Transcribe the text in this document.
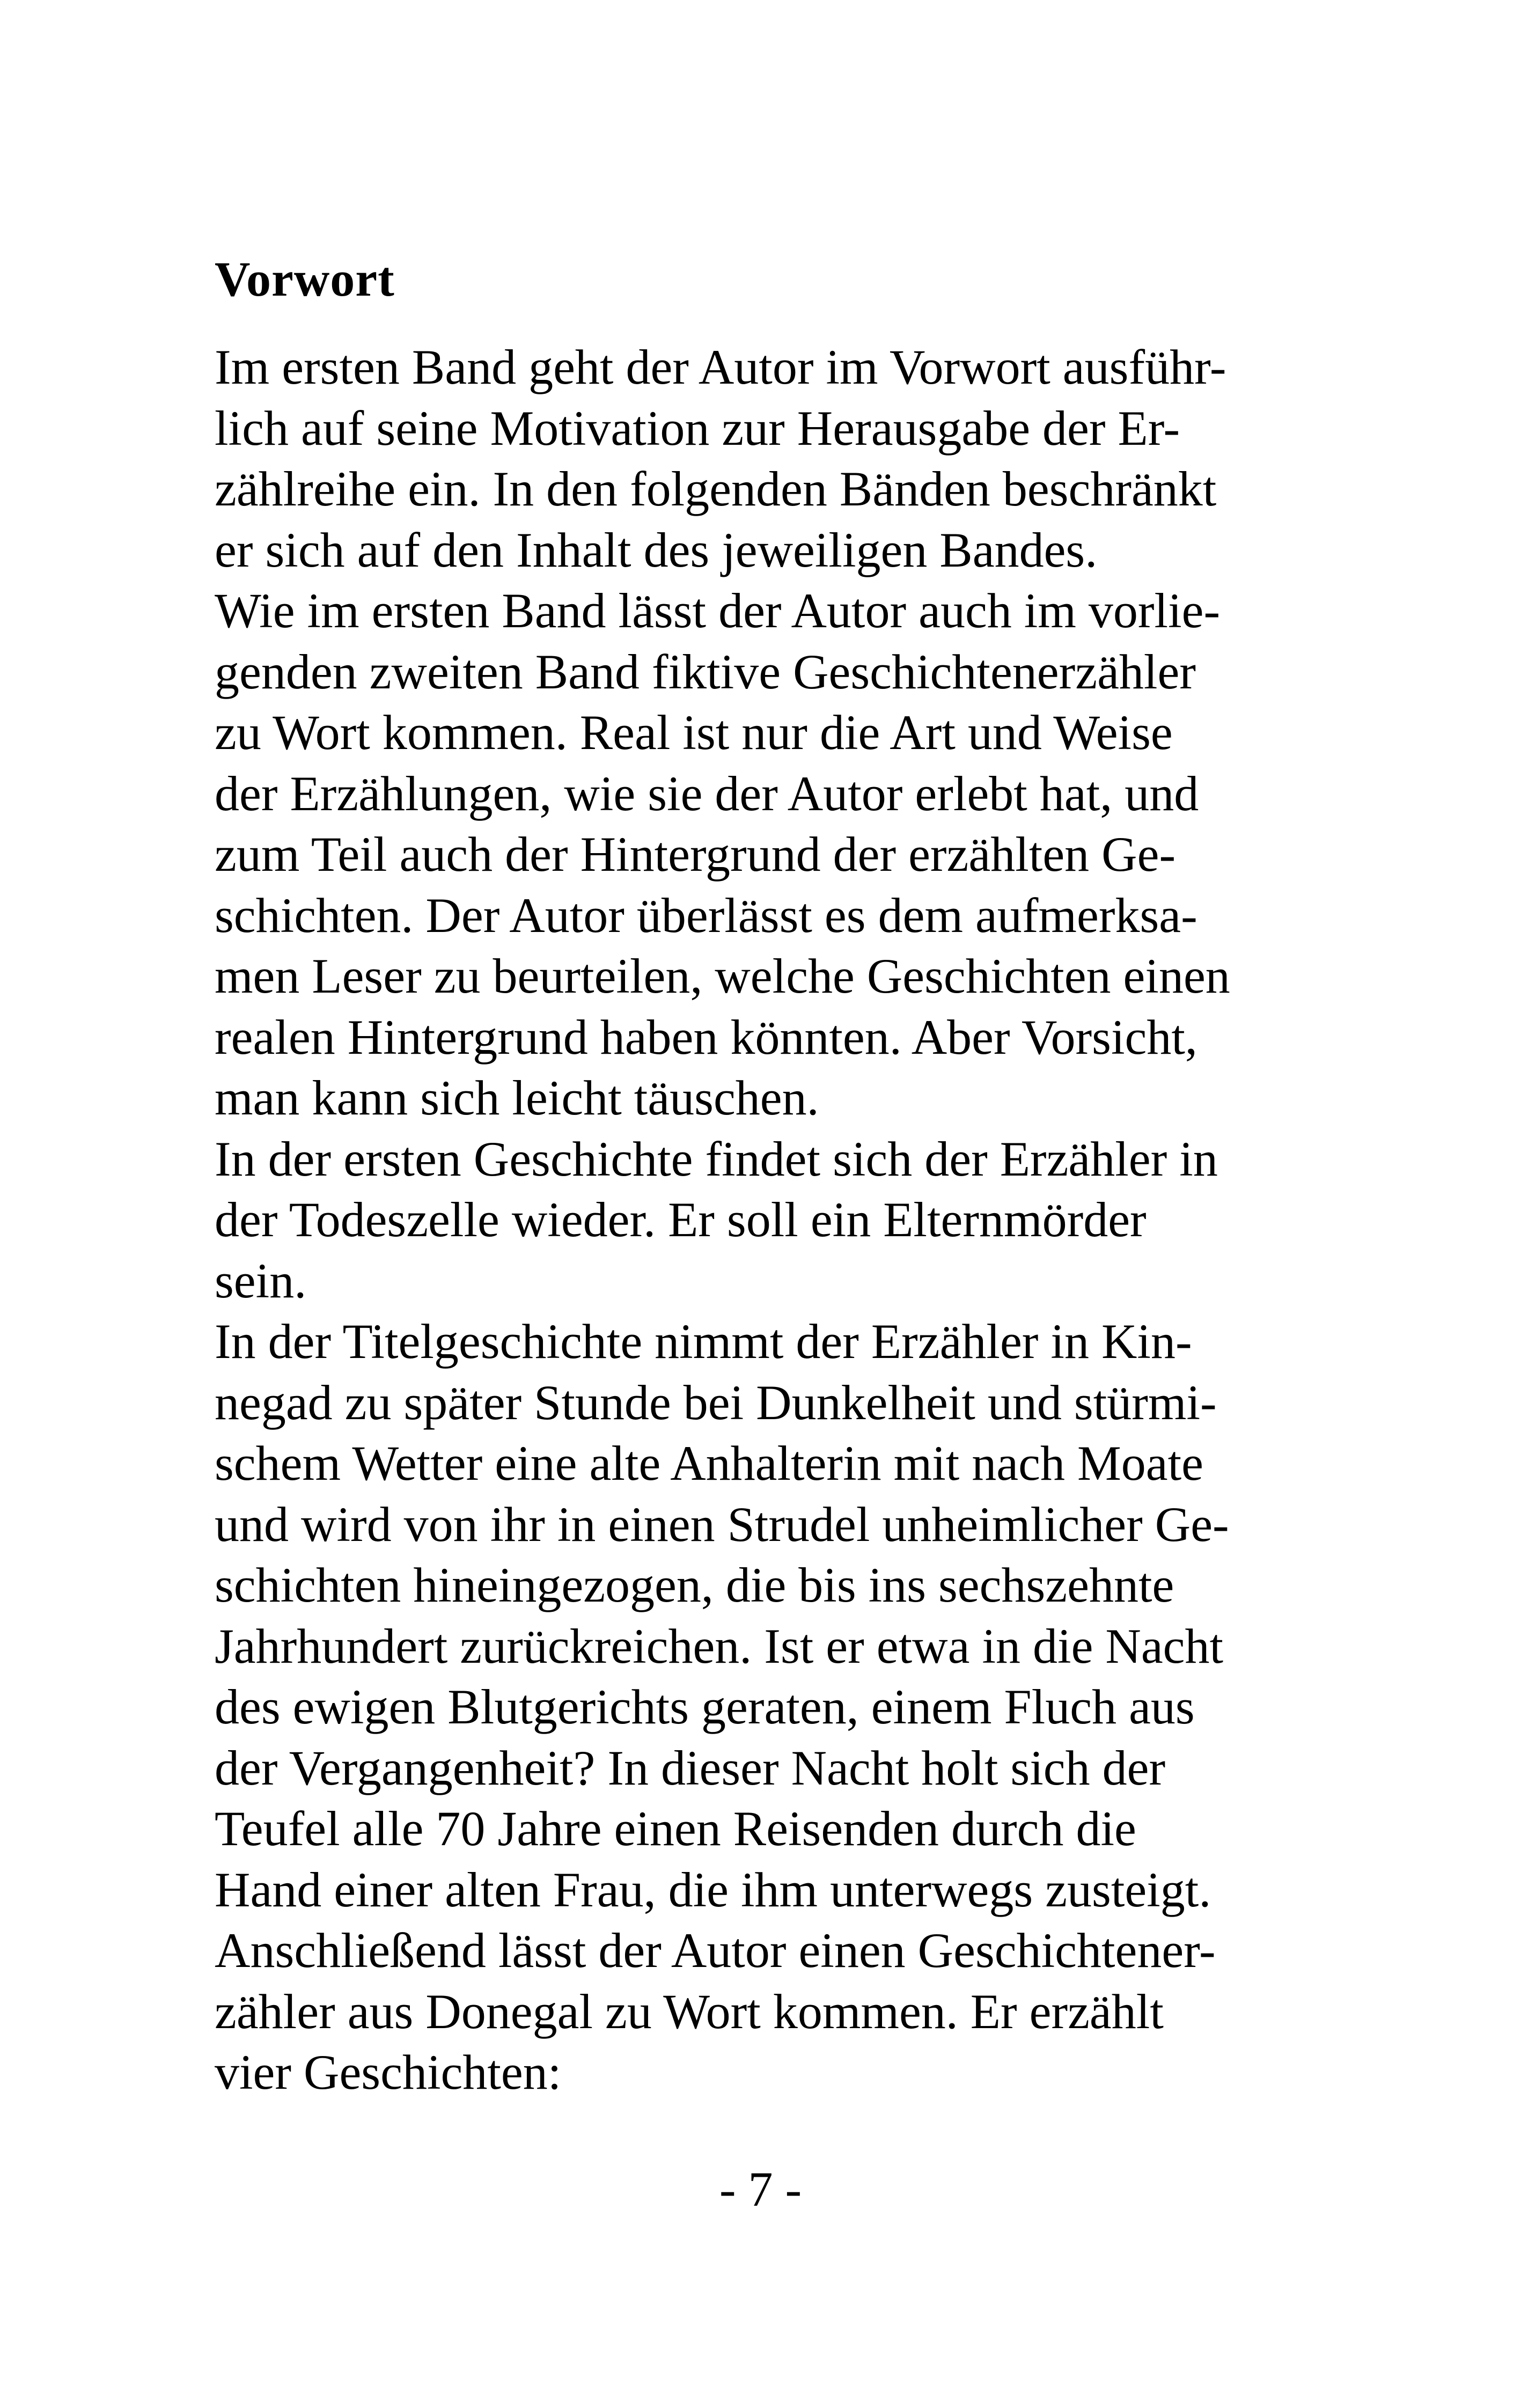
Vorwort
Im ersten Band geht der Autor im Vorwort ausführ-
lich auf seine Motivation zur Herausgabe der Er-
zählreihe ein. In den folgenden Bänden beschränkt
er sich auf den Inhalt des jeweiligen Bandes.
Wie im ersten Band lässt der Autor auch im vorlie-
genden zweiten Band fiktive Geschichtenerzähler
zu Wort kommen. Real ist nur die Art und Weise
der Erzählungen, wie sie der Autor erlebt hat, und
zum Teil auch der Hintergrund der erzählten Ge-
schichten. Der Autor überlässt es dem aufmerksa-
men Leser zu beurteilen, welche Geschichten einen
realen Hintergrund haben könnten. Aber Vorsicht,
man kann sich leicht täuschen.
In der ersten Geschichte findet sich der Erzähler in
der Todeszelle wieder. Er soll ein Elternmörder
sein.
In der Titelgeschichte nimmt der Erzähler in Kin-
negad zu später Stunde bei Dunkelheit und stürmi-
schem Wetter eine alte Anhalterin mit nach Moate
und wird von ihr in einen Strudel unheimlicher Ge-
schichten hineingezogen, die bis ins sechszehnte
Jahrhundert zurückreichen. Ist er etwa in die Nacht
des ewigen Blutgerichts geraten, einem Fluch aus
der Vergangenheit? In dieser Nacht holt sich der
Teufel alle 70 Jahre einen Reisenden durch die
Hand einer alten Frau, die ihm unterwegs zusteigt.
Anschließend lässt der Autor einen Geschichtener-
zähler aus Donegal zu Wort kommen. Er erzählt
vier Geschichten:
- 7 -
